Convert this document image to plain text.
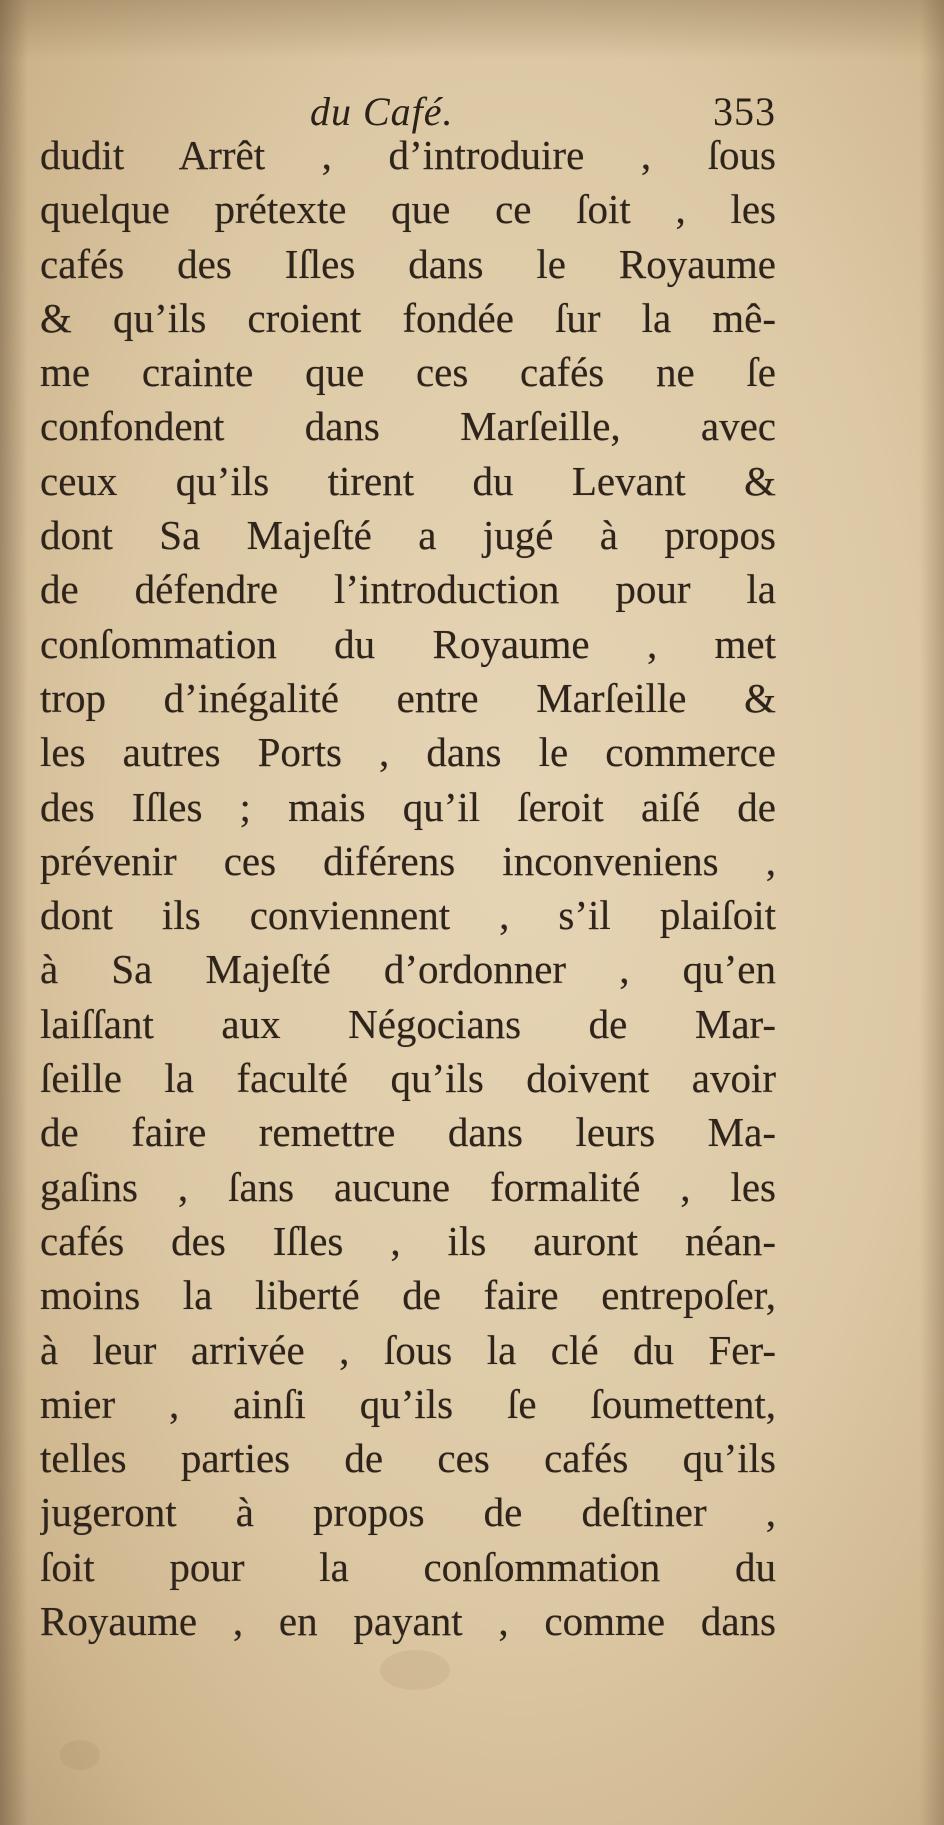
du Café.	353
dudit Arrêt , d’introduire , ſous
quelque prétexte que ce ſoit , les
cafés des Iſles dans le Royaume
& qu’ils croient fondée ſur la mê-
me crainte que ces cafés ne ſe
confondent dans Marſeille, avec
ceux qu’ils tirent du Levant &
dont Sa Majeſté a jugé à propos
de défendre l’introduction pour la
conſommation du Royaume , met
trop d’inégalité entre Marſeille &
les autres Ports , dans le commerce
des Iſles ; mais qu’il ſeroit aiſé de
prévenir ces diférens inconveniens ,
dont ils conviennent , s’il plaiſoit
à Sa Majeſté d’ordonner , qu’en
laiſſant aux Négocians de Mar-
ſeille la faculté qu’ils doivent avoir
de faire remettre dans leurs Ma-
gaſins , ſans aucune formalité , les
cafés des Iſles , ils auront néan-
moins la liberté de faire entrepoſer,
à leur arrivée , ſous la clé du Fer-
mier , ainſi qu’ils ſe ſoumettent,
telles parties de ces cafés qu’ils
jugeront à propos de deſtiner ,
ſoit pour la conſommation du
Royaume , en payant , comme dans
